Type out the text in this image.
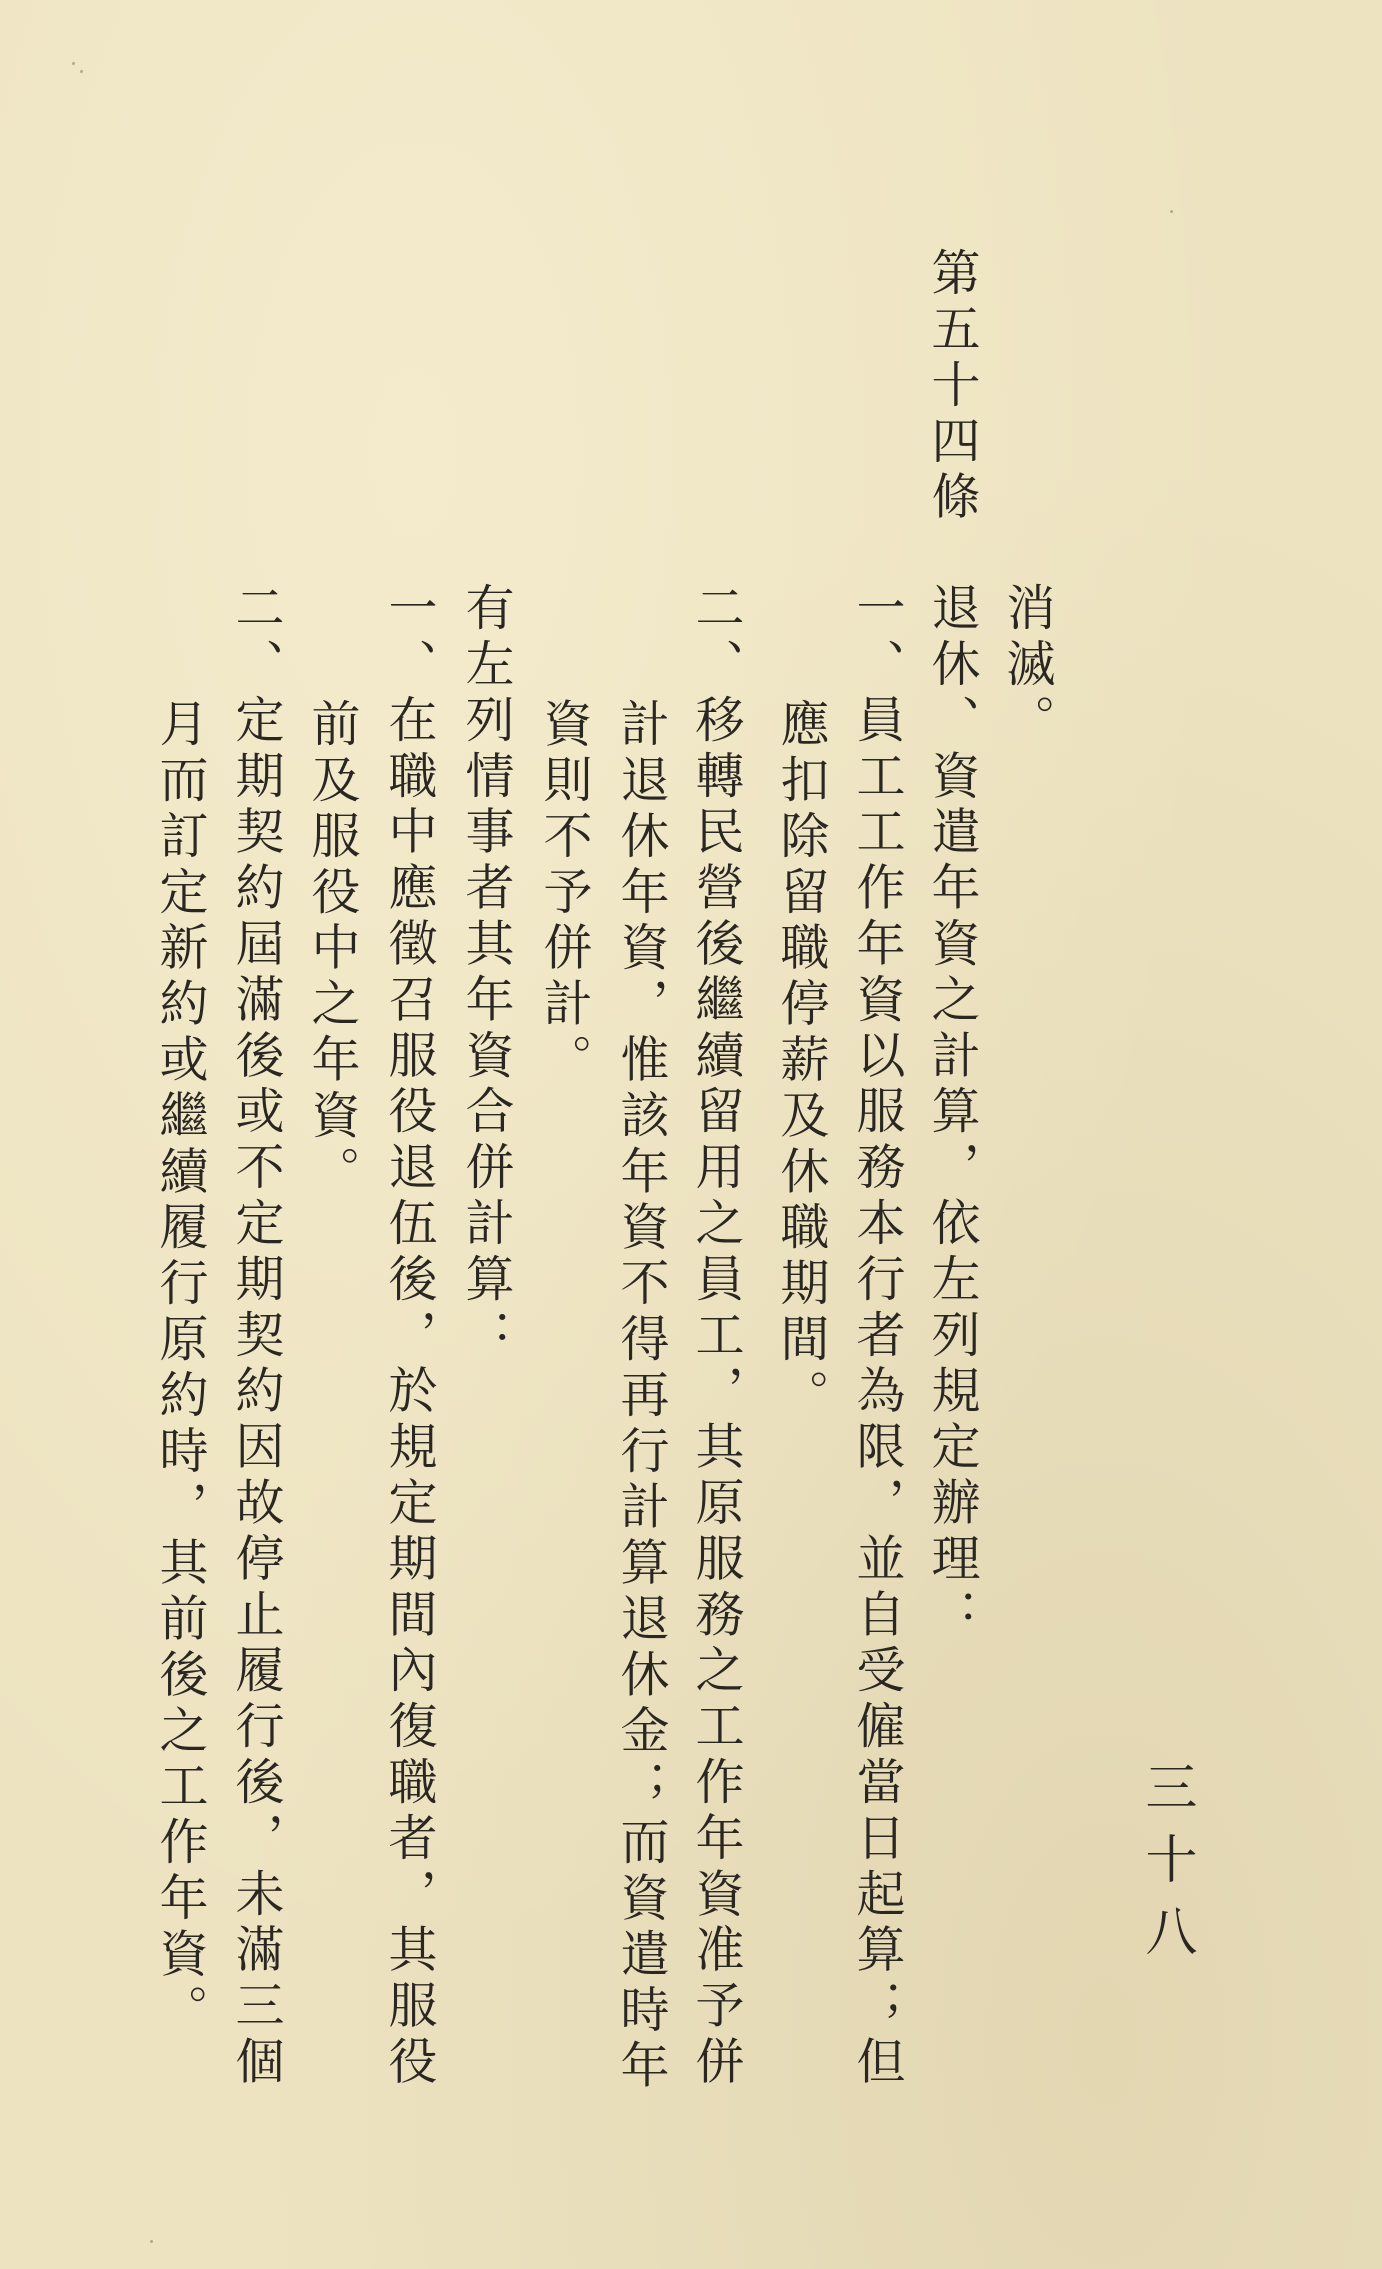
第五十四條
消滅。
退休、資遣年資之計算，依左列規定辦理：
一、員工工作年資以服務本行者為限，並自受僱當日起算；但
應扣除留職停薪及休職期間。
二、移轉民營後繼續留用之員工，其原服務之工作年資准予併
計退休年資，惟該年資不得再行計算退休金；而資遣時年
資則不予併計。
有左列情事者其年資合併計算：
一、在職中應徵召服役退伍後，於規定期間內復職者，其服役
前及服役中之年資。
二、定期契約屆滿後或不定期契約因故停止履行後，未滿三個
月而訂定新約或繼續履行原約時，其前後之工作年資。	三十八
